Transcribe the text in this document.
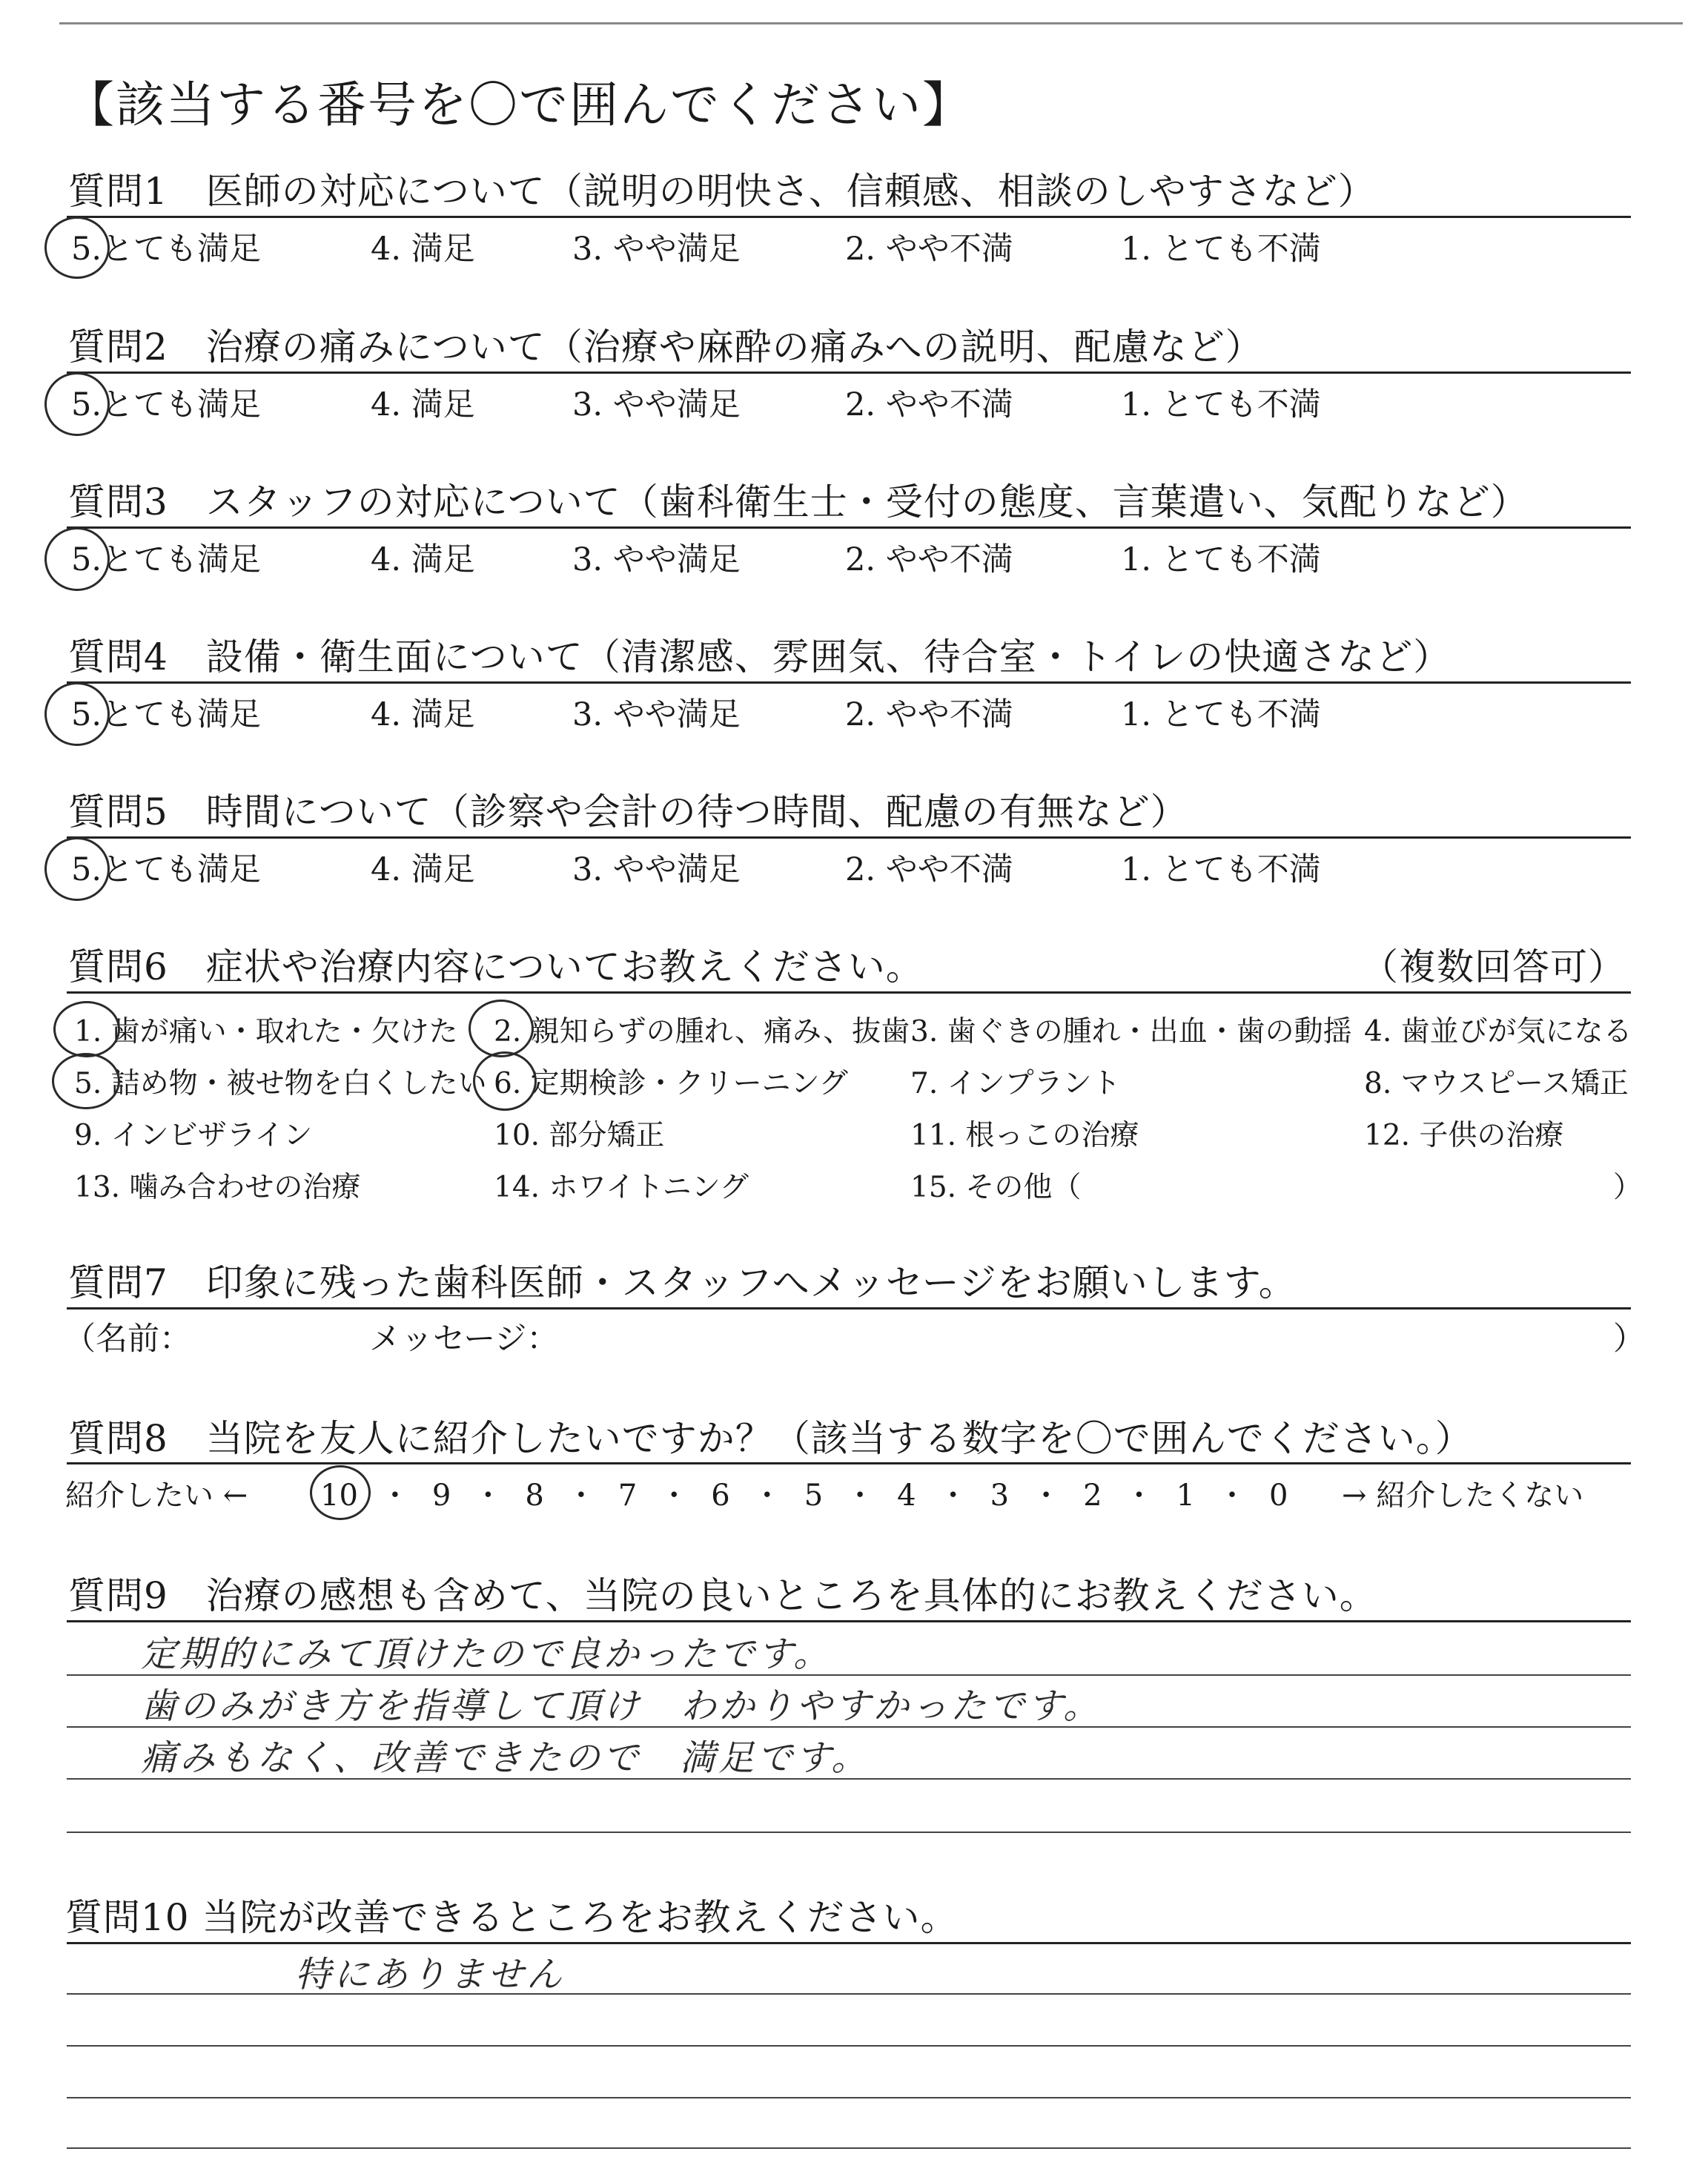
【該当する番号を〇で囲んでください】
質問1　医師の対応について（説明の明快さ、信頼感、相談のしやすさなど）
5.とても満足	4. 満足	3. やや満足	2. やや不満	1. とても不満
質問2　治療の痛みについて（治療や麻酔の痛みへの説明、配慮など）
5.とても満足	4. 満足	3. やや満足	2. やや不満	1. とても不満
質問3　スタッフの対応について（歯科衛生士・受付の態度、言葉遣い、気配りなど）
5.とても満足	4. 満足	3. やや満足	2. やや不満	1. とても不満
質問4　設備・衛生面について（清潔感、雰囲気、待合室・トイレの快適さなど）
5.とても満足	4. 満足	3. やや満足	2. やや不満	1. とても不満
質問5　時間について（診察や会計の待つ時間、配慮の有無など）
5.とても満足	4. 満足	3. やや満足	2. やや不満	1. とても不満
質問6　症状や治療内容についてお教えください。	（複数回答可）
1. 歯が痛い・取れた・欠けた 2. 親知らずの腫れ、痛み、抜歯 3. 歯ぐきの腫れ・出血・歯の動揺 4. 歯並びが気になる
5. 詰め物・被せ物を白くしたい 6. 定期検診・クリーニング 7. インプラント	8. マウスピース矯正
9. インビザライン	10. 部分矯正	11. 根っこの治療	12. 子供の治療
13. 噛み合わせの治療	14. ホワイトニング	15. その他（	）
質問7　印象に残った歯科医師・スタッフへメッセージをお願いします。
（名前：	メッセージ：	）
質問8　当院を友人に紹介したいですか？（該当する数字を〇で囲んでください。）
紹介したい ← 10 ・ 9 ・ 8 ・ 7 ・ 6 ・ 5 ・ 4 ・ 3 ・ 2 ・ 1 ・ 0 → 紹介したくない
質問9　治療の感想も含めて、当院の良いところを具体的にお教えください。
定期的にみて頂けたので良かったです。
歯のみがき方を指導して頂け　わかりやすかったです。
痛みもなく、改善できたので　満足です。
質問10 当院が改善できるところをお教えください。
特にありません
